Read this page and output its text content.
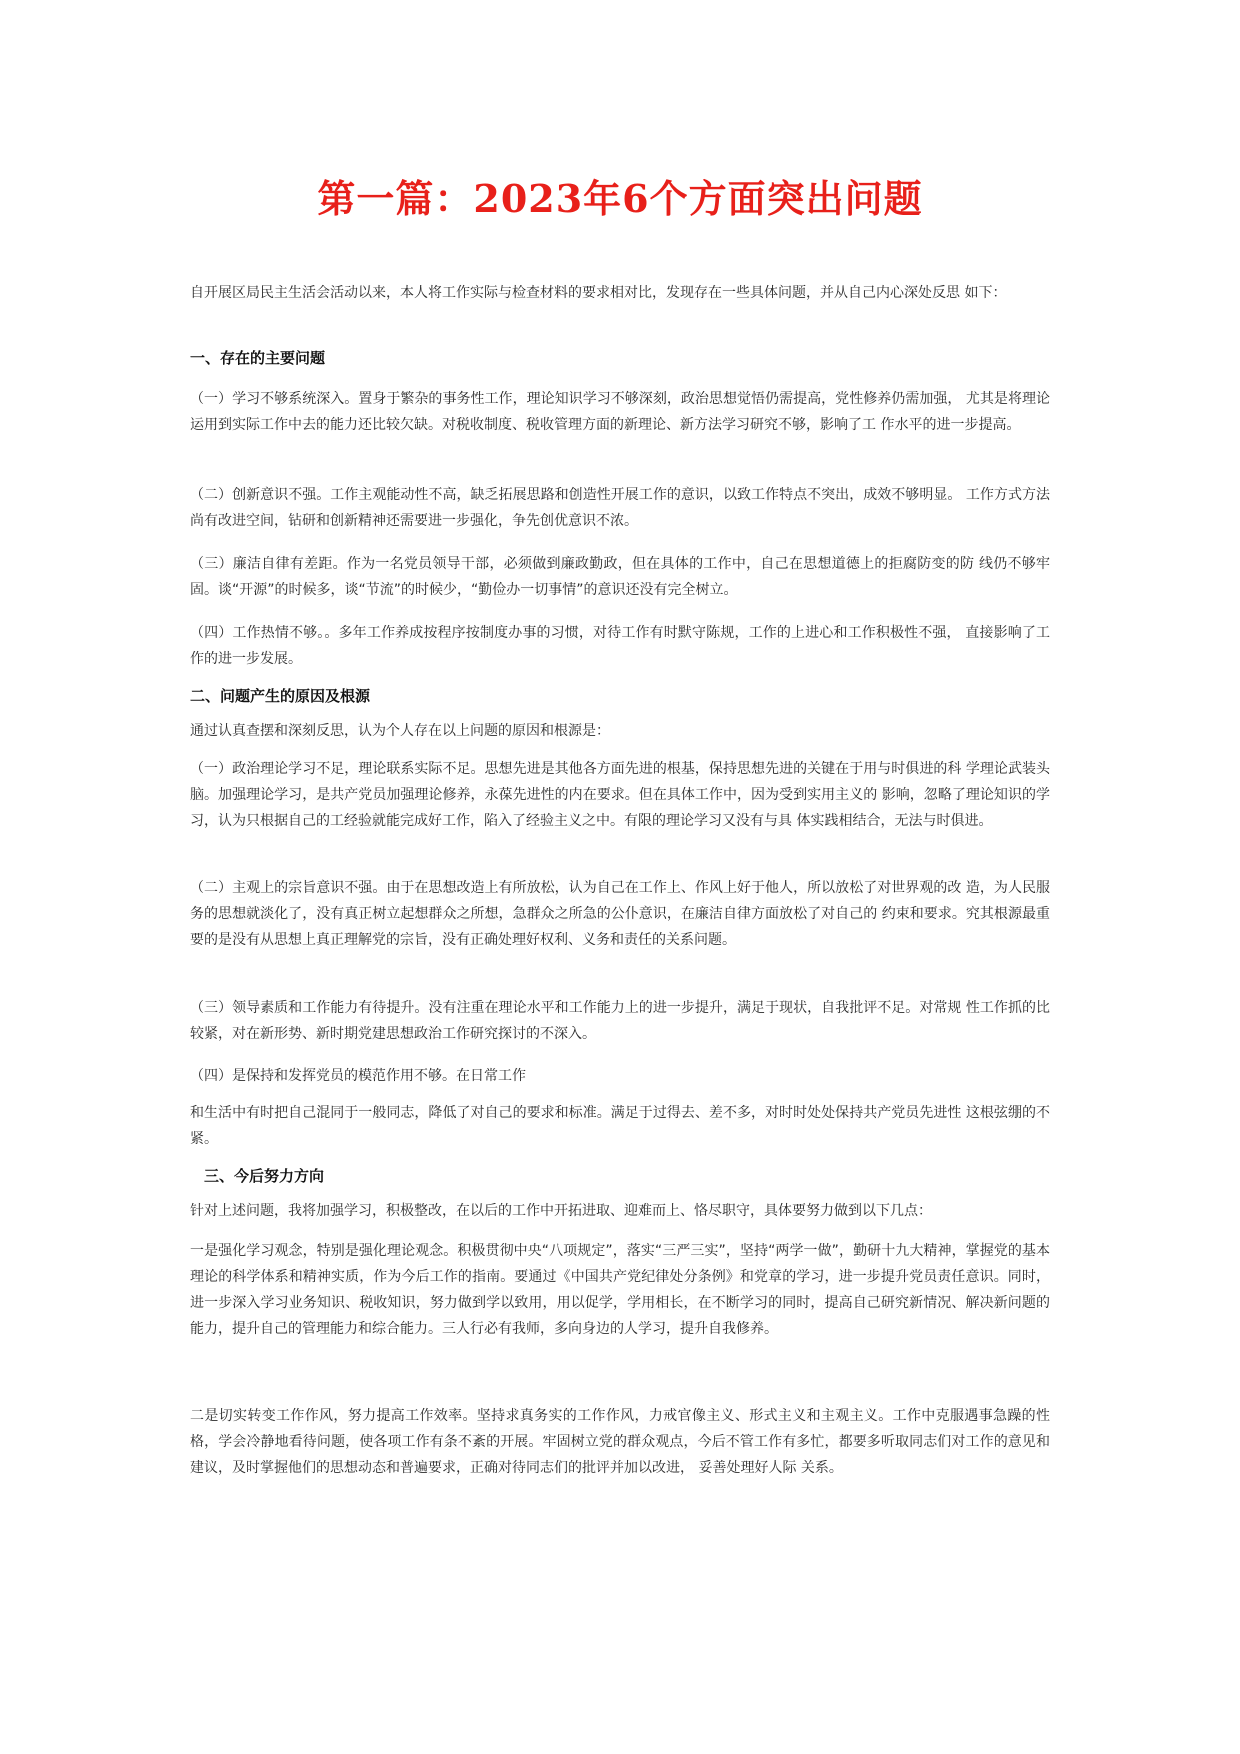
第一篇：2023年6个方面突出问题

自开展区局民主生活会活动以来，本人将工作实际与检查材料的要求相对比，发现存在一些具体问题，并从自己内心深处反思 如下：

一、存在的主要问题

（一）学习不够系统深入。置身于繁杂的事务性工作，理论知识学习不够深刻，政治思想觉悟仍需提高，党性修养仍需加强， 尤其是将理论运用到实际工作中去的能力还比较欠缺。对税收制度、税收管理方面的新理论、新方法学习研究不够，影响了工 作水平的进一步提高。

（二）创新意识不强。工作主观能动性不高，缺乏拓展思路和创造性开展工作的意识，以致工作特点不突出，成效不够明显。 工作方式方法尚有改进空间，钻研和创新精神还需要进一步强化，争先创优意识不浓。

（三）廉洁自律有差距。作为一名党员领导干部，必须做到廉政勤政，但在具体的工作中，自己在思想道德上的拒腐防变的防 线仍不够牢固。谈“开源”的时候多，谈“节流”的时候少，“勤俭办一切事情”的意识还没有完全树立。

（四）工作热情不够。。多年工作养成按程序按制度办事的习惯，对待工作有时默守陈规，工作的上进心和工作积极性不强， 直接影响了工作的进一步发展。

二、问题产生的原因及根源

通过认真查摆和深刻反思，认为个人存在以上问题的原因和根源是：

（一）政治理论学习不足，理论联系实际不足。思想先进是其他各方面先进的根基，保持思想先进的关键在于用与时俱进的科 学理论武装头脑。加强理论学习，是共产党员加强理论修养，永葆先进性的内在要求。但在具体工作中，因为受到实用主义的 影响，忽略了理论知识的学习，认为只根据自己的工经验就能完成好工作，陷入了经验主义之中。有限的理论学习又没有与具 体实践相结合，无法与时俱进。

（二）主观上的宗旨意识不强。由于在思想改造上有所放松，认为自己在工作上、作风上好于他人，所以放松了对世界观的改 造，为人民服务的思想就淡化了，没有真正树立起想群众之所想，急群众之所急的公仆意识，在廉洁自律方面放松了对自己的 约束和要求。究其根源最重要的是没有从思想上真正理解党的宗旨，没有正确处理好权利、义务和责任的关系问题。

（三）领导素质和工作能力有待提升。没有注重在理论水平和工作能力上的进一步提升，满足于现状，自我批评不足。对常规 性工作抓的比较紧，对在新形势、新时期党建思想政治工作研究探讨的不深入。

（四）是保持和发挥党员的模范作用不够。在日常工作

和生活中有时把自己混同于一般同志，降低了对自己的要求和标准。满足于过得去、差不多，对时时处处保持共产党员先进性 这根弦绷的不紧。

三、今后努力方向

针对上述问题，我将加强学习，积极整改，在以后的工作中开拓进取、迎难而上、恪尽职守，具体要努力做到以下几点：

一是强化学习观念，特别是强化理论观念。积极贯彻中央“八项规定”，落实“三严三实”，坚持“两学一做”，勤研十九大精神，掌握党的基本理论的科学体系和精神实质，作为今后工作的指南。要通过《中国共产党纪律处分条例》和党章的学习，进一步提升党员责任意识。同时，进一步深入学习业务知识、税收知识，努力做到学以致用，用以促学，学用相长，在不断学习的同时，提高自己研究新情况、解决新问题的能力，提升自己的管理能力和综合能力。三人行必有我师，多向身边的人学习，提升自我修养。

二是切实转变工作作风，努力提高工作效率。坚持求真务实的工作作风，力戒官像主义、形式主义和主观主义。工作中克服遇事急躁的性格，学会冷静地看待问题，使各项工作有条不紊的开展。牢固树立党的群众观点，今后不管工作有多忙，都要多听取同志们对工作的意见和建议，及时掌握他们的思想动态和普遍要求，正确对待同志们的批评并加以改进， 妥善处理好人际 关系。
